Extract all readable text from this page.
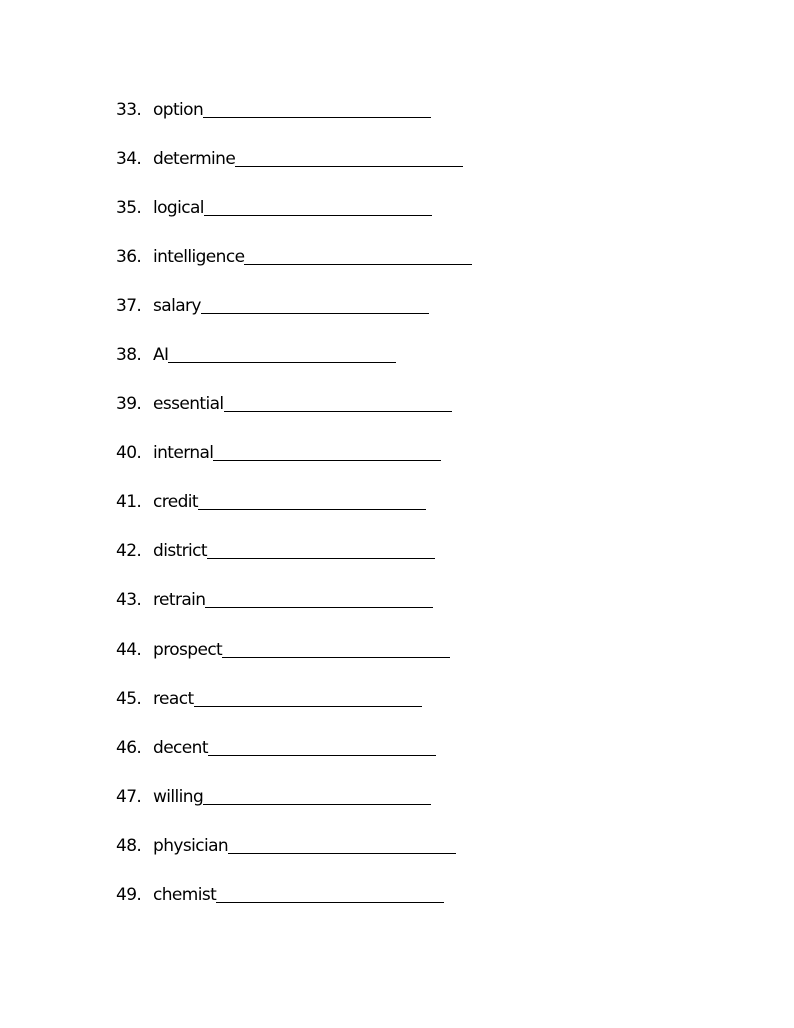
33. option
34. determine
35. logical
36. intelligence
37. salary
38. AI
39. essential
40. internal
41. credit
42. district
43. retrain
44. prospect
45. react
46. decent
47. willing
48. physician
49. chemist
